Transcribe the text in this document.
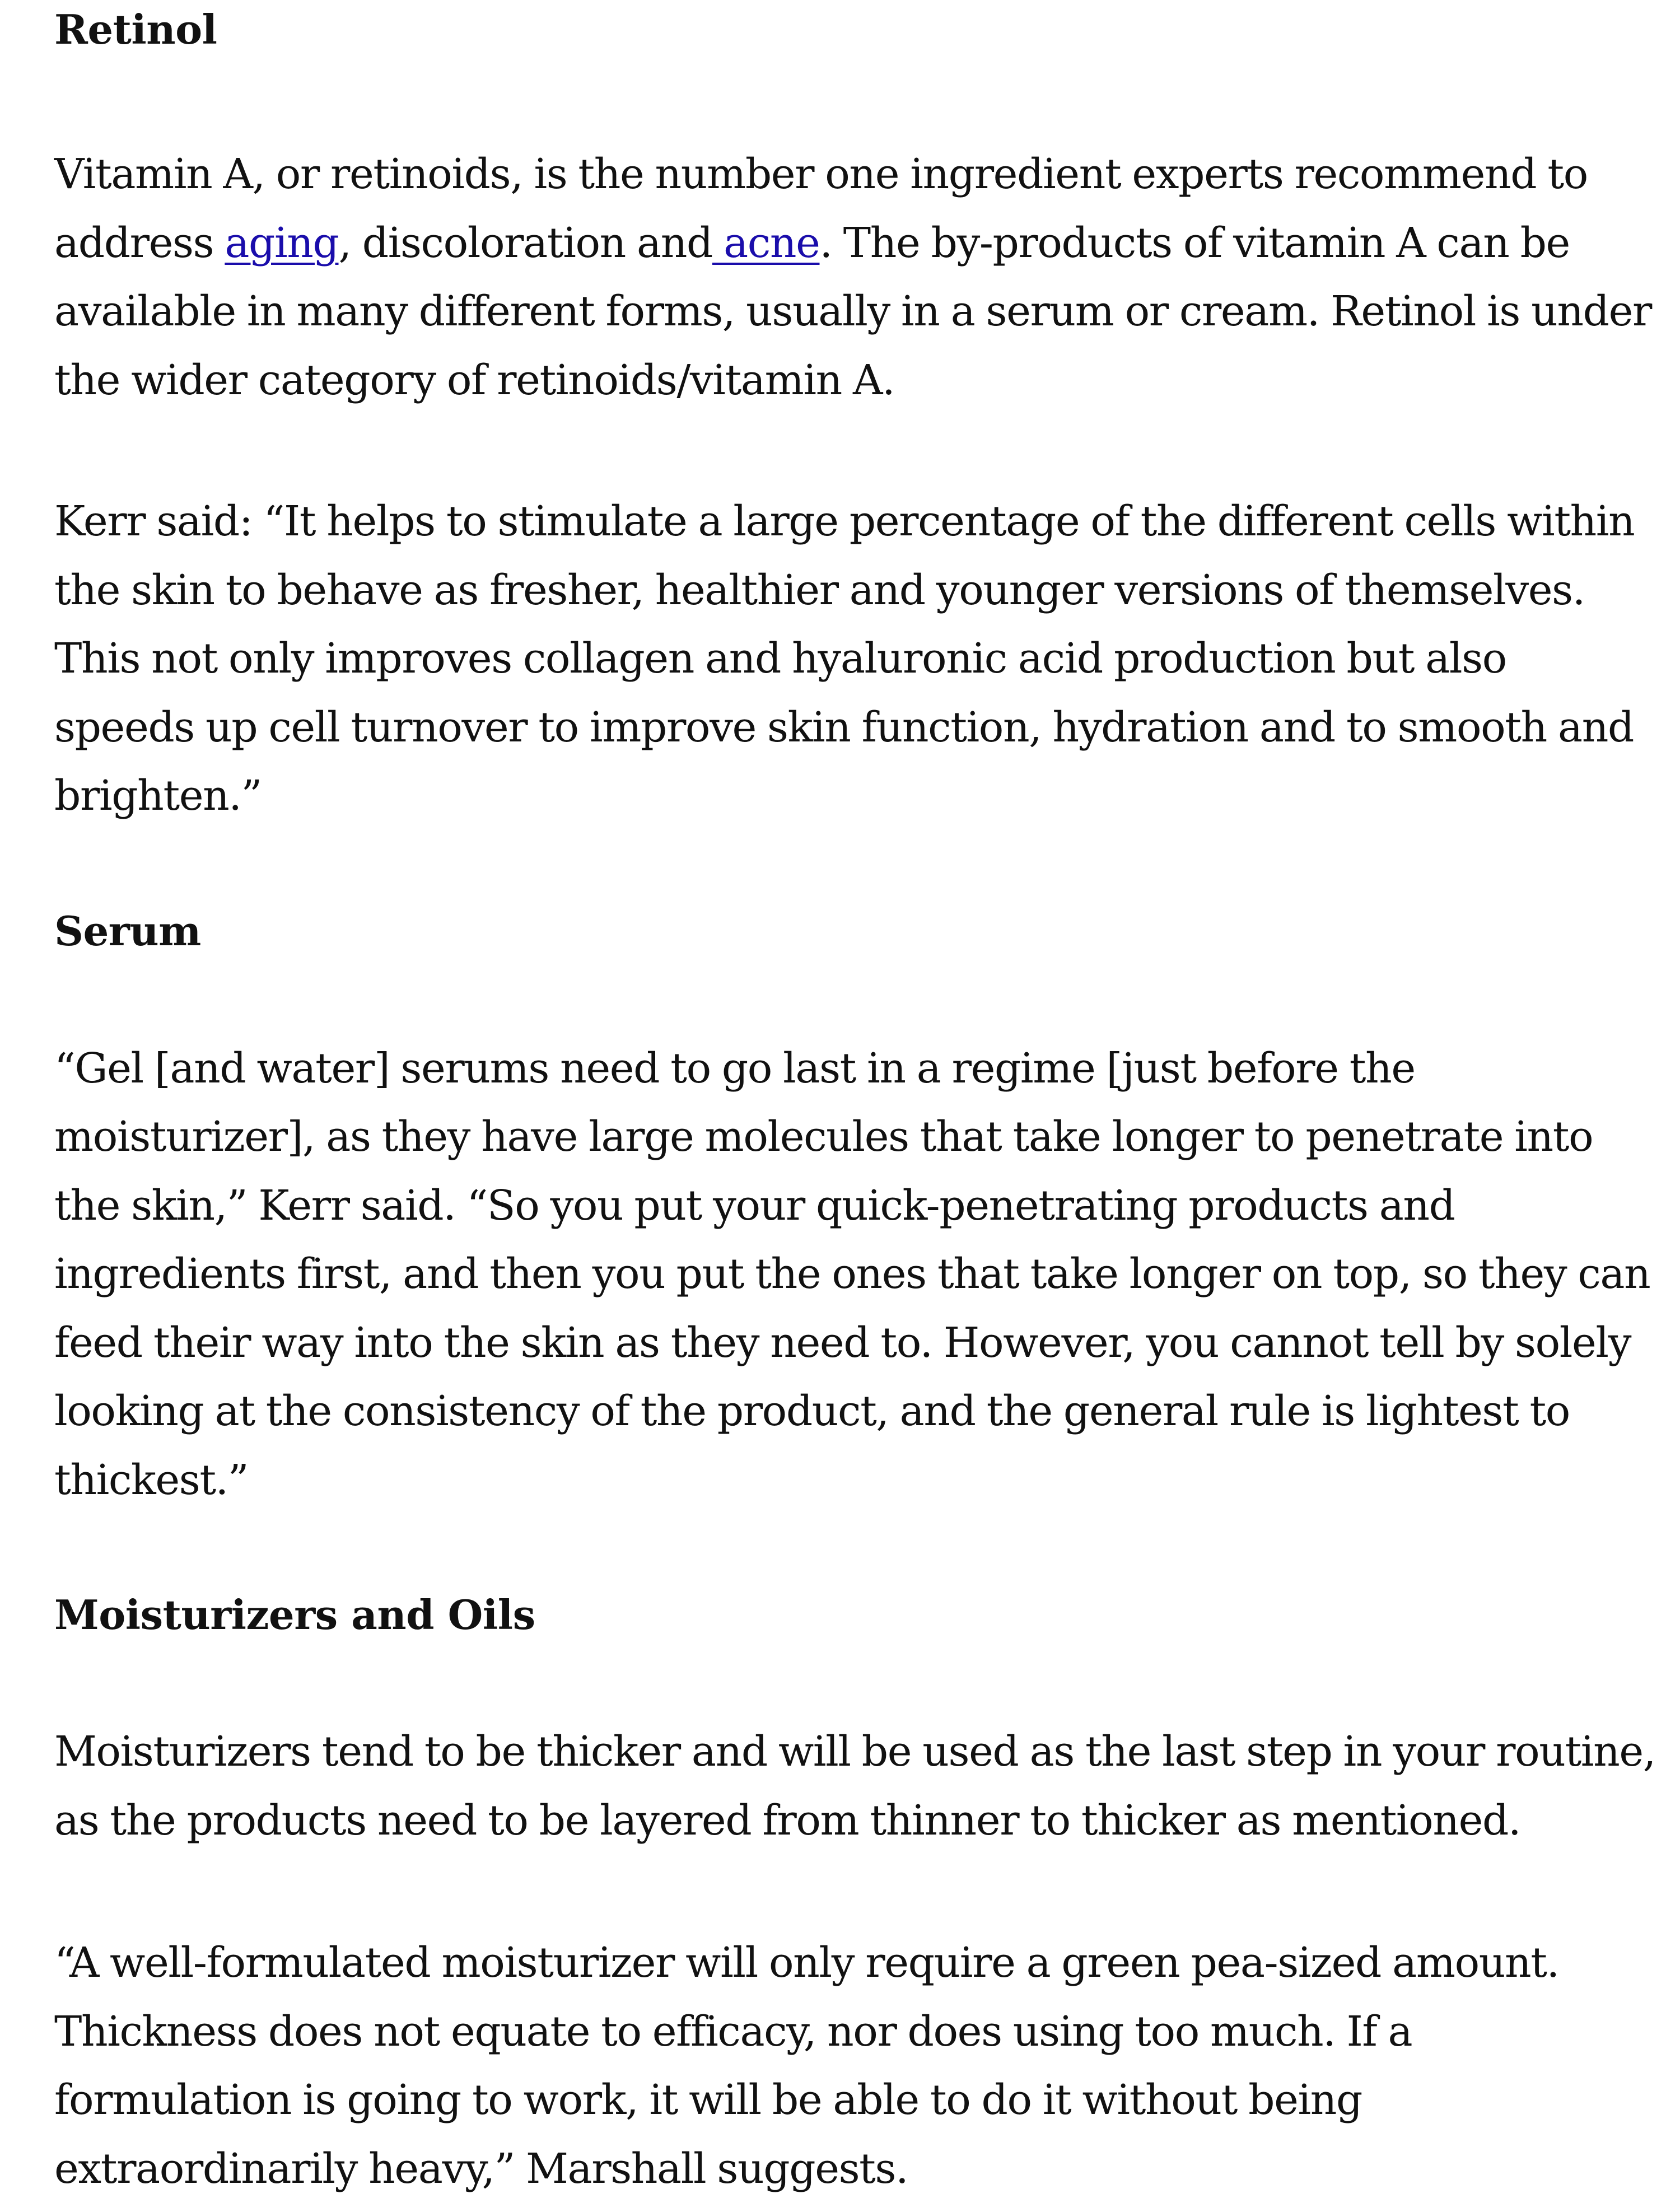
Retinol

Vitamin A, or retinoids, is the number one ingredient experts recommend to address aging, discoloration and acne. The by-products of vitamin A can be available in many different forms, usually in a serum or cream. Retinol is under the wider category of retinoids/vitamin A.

Kerr said: “It helps to stimulate a large percentage of the different cells within the skin to behave as fresher, healthier and younger versions of themselves. This not only improves collagen and hyaluronic acid production but also speeds up cell turnover to improve skin function, hydration and to smooth and brighten.”

Serum

“Gel [and water] serums need to go last in a regime [just before the moisturizer], as they have large molecules that take longer to penetrate into the skin,” Kerr said. “So you put your quick-penetrating products and ingredients first, and then you put the ones that take longer on top, so they can feed their way into the skin as they need to. However, you cannot tell by solely looking at the consistency of the product, and the general rule is lightest to thickest.”

Moisturizers and Oils

Moisturizers tend to be thicker and will be used as the last step in your routine, as the products need to be layered from thinner to thicker as mentioned.

“A well-formulated moisturizer will only require a green pea-sized amount. Thickness does not equate to efficacy, nor does using too much. If a formulation is going to work, it will be able to do it without being extraordinarily heavy,” Marshall suggests.
